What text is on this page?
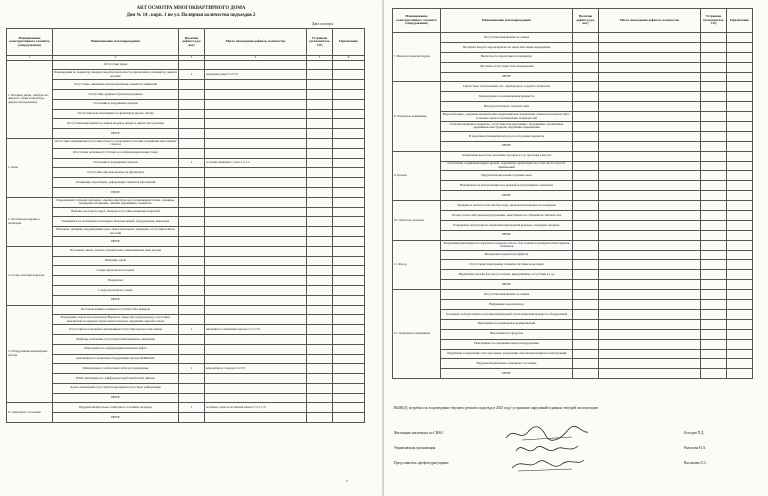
АКТ ОСМОТРА МНОГОКВАРТИРНОГО ДОМА
Дом № 14 , корп. 1 по ул. Полярная количество подъездов 2
Дата осмотра:
Наименование конструктивного элемента (оборудования)	Наименование или повреждения	Наличие дефекта (да/нет)	Место нахождения дефекта, количество	Устранено (исполнитель УО)	Примечание
1	2	3	4	5	6
1. Входные двери, тамбуры на, двери на этажи и переходы, двери в мусорокамеру	Отсутствие двери				
	Повреждения по периметру дверных коробок/неплотность прилегания по периметру двери к коробке	1	повреждены двери 3,5 и 6 Эт		
	Отсутствие, заменение ключи коробками элементов запирания				
	Отсутствие дверных пружин/доводчиков				
	Отслоение и разрушение окраски				
	Отсутствие или неисправность фурнитуры (ручек, петли)				
	Отсутствие/неисправность замков входных дверях и дверях мусорокамер				
	ИНОЕ				
2. Окна	Отсутствие заплаванных/отсутствие второго остекления/отслоение трещинами или сплавом стеклом				
	Отсутствие оплачнье/отсутствие и ослабление крепления стекол				
	Отслоение и разрушение окраски	1	отслоение окрашенного слоя в 2 эт. 4 эт		
	Отсутствие или неисправность фурнитуры				
	Загнивание, коробление, деформация элементов заполнений				
	ИНОЕ				
3. Лестничные марши и площадки	Повреждения ступеней: выбоины, отколки арматуры под поломанными бетона, трещины, выпадение облицовки, гниение деревянных элементов.				
	Выбоин, нестороты заруб, базанок/отсутствие покрытия покрытий				
	Разнящаяся на лестничных площадках бытовых вещей, оборудования, инвентаря				
	Выбоины, трещины, вздорвешения окон, люков напольного покрытия, отсутствие плиток местами				
	ИНОЕ				
4. Стены, потолки подъезда	Отслоение, пятна, потеки, грязная/очень ламинаженных окон краски				
	Выбоины, щели				
	Следы протечек на потолках				
	Вандализм				
	Следы протечек на стенах				
	ИНОЕ				
5. Оборудование инженерных систем	Почтовые ящики сломаны/отсутствуют/без номеров				
	Разрушение отдела мусоропровода/Нарезное отверстие (трубопровод), отсутствие/неисправность крышек загрузочных клапанов, нарушение окраски ствола				
	Отсутствуете возражены светильников/отсутствие корпуса или лампы	1	неисправность светильника подъезда: в 2 эт 3 Эт		
	Приборы отопления отсутствуют/неисправны/не окрашены				
	Неисправность оборудования/элементов лифта				
	неисправность элементов оборудования систем ДУ&ППАУ				
	Обнаружены в слаботочных сетях не ухудшенные	1	вебщ щитки на 1 подъезд в 2 и 8 Эт		
	ВТФ: неисправность диффузоров/труб/электросети щитков				
	Доска объявлений отсутствует/повреждена/отсутствует информация				
	ИНОЕ				
6. Санитарное состояние	Неудовлетворительное санитарное состояние подъезда	1	загрязнено, нужна на лестничной клетке и 2 эт 3, 5 Эт		
	ИНОЕ				
7
Наименование конструктивного элемента (оборудования)	Наименование или повреждения	Наличие дефекта (да/нет)	Место нахождения дефекта, количество	Устранено (исполнитель УО)	Примечание
7. Выход на кровлю/чердак	Отсутствие/неисправность замков				
	Не закрыт вход на чердак/кровлю на замок или замки повреждены				
	Неплотность прилегания по периметру				
	Листовые отсутствуют или повреждения				
	ИНОЕ				
8. Чердачное помещение	Гнилостные строительных лес. образующего, и других элементов				
	Повреждения, поломанная/неисправность				
	Неогрудогательная слуховых окон				
	Водосвободные, дождевые механические нарушения или загрязнения элементов теплового ЦО / тепловые пороги ограждающих поверхностей				
	Теплоизоляционное покрытие, отсутствие или нарушения / подгнившие стропильные деревянные конструкции, нарушение примыкания				
	В чердачном помещении мусор и посторонние предметы				
	ИНОЕ				
9. Кровля	Загрязнение водостока листьями, мусором и т.д., протечки в местах				
	Ослабление соединения/дефект кровли / нарушение герметичности, в том числе в местах примыканий				
	Неудовлетворительная слуховых окон				
	Неисправность выступающих над кровлей конструктивных элементов				
	ИНОЕ				
10. Отмостка, крыльца	Трещины и сколы в отмостке/просадка, провалы/неисправность козырьков				
	Осадка стен и плит крыльца/разрушение, неисправность ступеней/лестничных пар				
	Разрушение штукатурного покрытия/повреждения крыльца, площадки, входных				
	ИНОЕ				
11. Фасад	Разрушение/неисправность наружного поверхностного слоя основного материала/конструкции элементов				
	Вандальные надписи (граффити)				
	Отсутствуют/неисправны элементы системы водоотвода				
	Нарушение окраски фасада (отслоение, выветривание, отсутствие в т.д.)				
	ИНОЕ				
12. Подвальное помещение	Отсутствие/неисправность замков				
	Нарушение окраски входа				
	Засоленность/подтопление сети канализационной /затопление/неисправность оборудования				
	Неисправность инженерных коммуникаций				
	Неисправность продухов				
	Неисправность освещения/электрооборудования				
	Обрушение и нарушение стен цокольных, разрушение листов/неисправность конструкций				
	Неудовлетворительное санитарное состояние				
	ИНОЕ				
ВЫВОД: потребность в проведении текущего ремонта подъезда в 2025 году/ устранение нарушений в рамках текущей эксплуатации
Жилищная инспекция по СВАО	Беседин П.Д.
Управляющая организация	Рычагова Н.А.
Представитель префектуры/управы	Васильева О.С.
